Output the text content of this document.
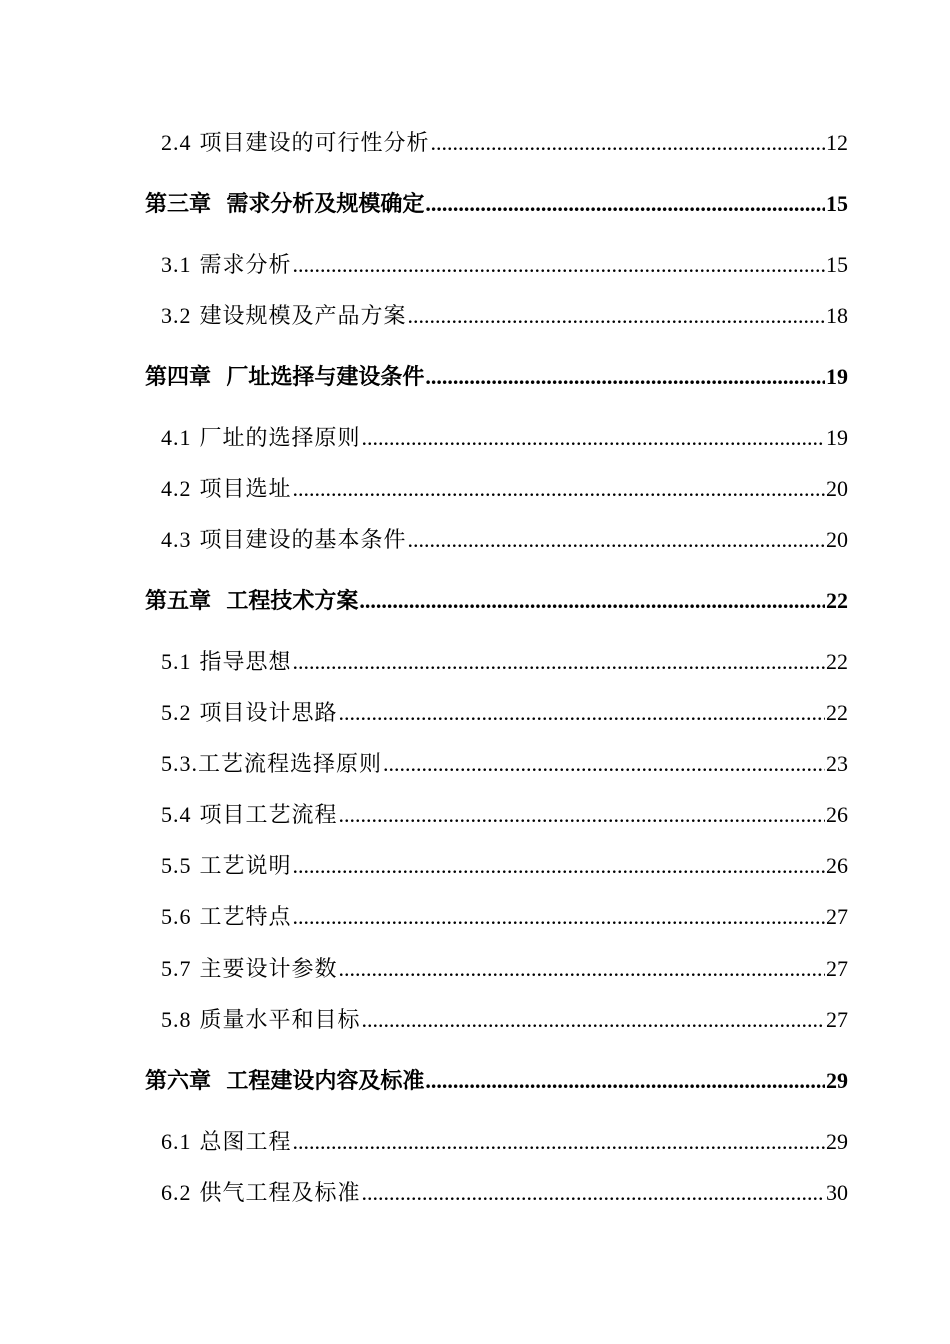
2.4 项目建设的可行性分析 .....	12
第三章 需求分析及规模确定 .....	15
3.1 需求分析 .....	15
3.2 建设规模及产品方案 .....	18
第四章 厂址选择与建设条件 .....	19
4.1 厂址的选择原则 .....	19
4.2 项目选址 .....	20
4.3 项目建设的基本条件 .....	20
第五章 工程技术方案 .....	22
5.1 指导思想 .....	22
5.2 项目设计思路 .....	22
5.3.工艺流程选择原则 .....	23
5.4 项目工艺流程 .....	26
5.5 工艺说明 .....	26
5.6 工艺特点 .....	27
5.7 主要设计参数 .....	27
5.8 质量水平和目标 .....	27
第六章 工程建设内容及标准 .....	29
6.1 总图工程 .....	29
6.2 供气工程及标准 .....	30
